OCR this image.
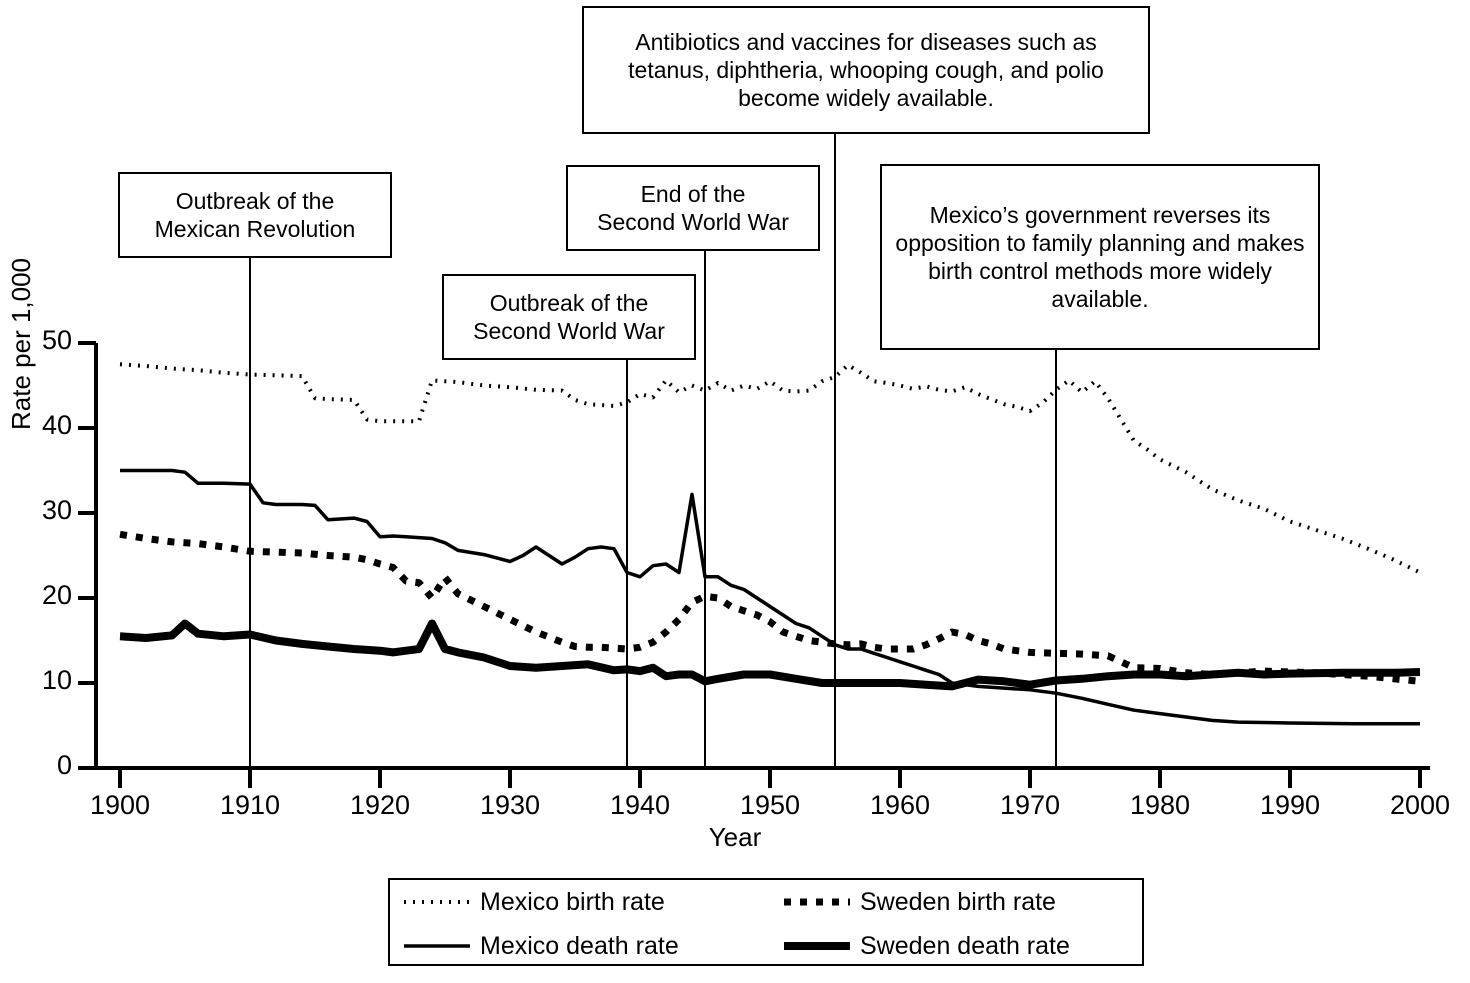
Rate per 1,000
Year
50
40
30
20
10
0
1900	1910	1920	1930	1940	1950	1960	1970	1980	1990	2000
Outbreak of the
Mexican Revolution
Outbreak of the
Second World War
End of the
Second World War
Antibiotics and vaccines for diseases such as tetanus, diphtheria, whooping cough, and polio become widely available.
Mexico’s government reverses its opposition to family planning and makes birth control methods more widely available.
Mexico birth rate	Sweden birth rate
Mexico death rate	Sweden death rate
